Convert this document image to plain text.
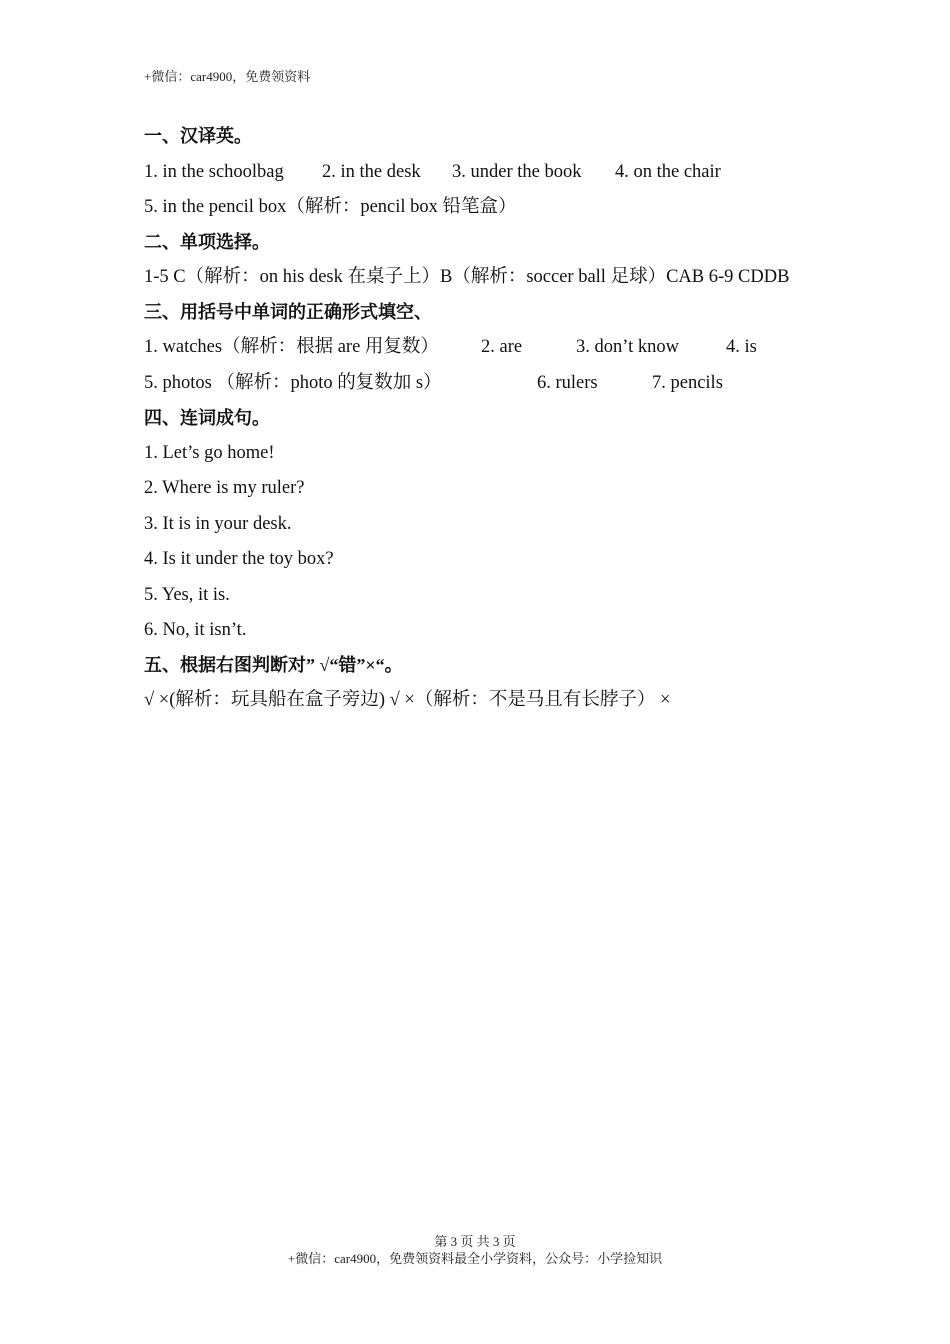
+微信：car4900，免费领资料
一、汉译英。
1. in the schoolbag 2. in the desk 3. under the book 4. on the chair
5. in the pencil box（解析：pencil box 铅笔盒）
二、单项选择。
1-5 C（解析：on his desk 在桌子上）B（解析：soccer ball 足球）CAB 6-9 CDDB
三、用括号中单词的正确形式填空、
1. watches（解析：根据 are 用复数） 2. are	3. don’t know	4. is
5. photos （解析：photo 的复数加 s）	6. rulers	7. pencils
四、连词成句。
1. Let’s go home!
2. Where is my ruler?
3. It is in your desk.
4. Is it under the toy box?
5. Yes, it is.
6. No, it isn’t.
五、根据右图判断对” √“错”×“。
√ ×(解析：玩具船在盒子旁边) √ ×（解析：不是马且有长脖子） ×
第 3 页 共 3 页
+微信：car4900，免费领资料最全小学资料，公众号：小学捡知识
